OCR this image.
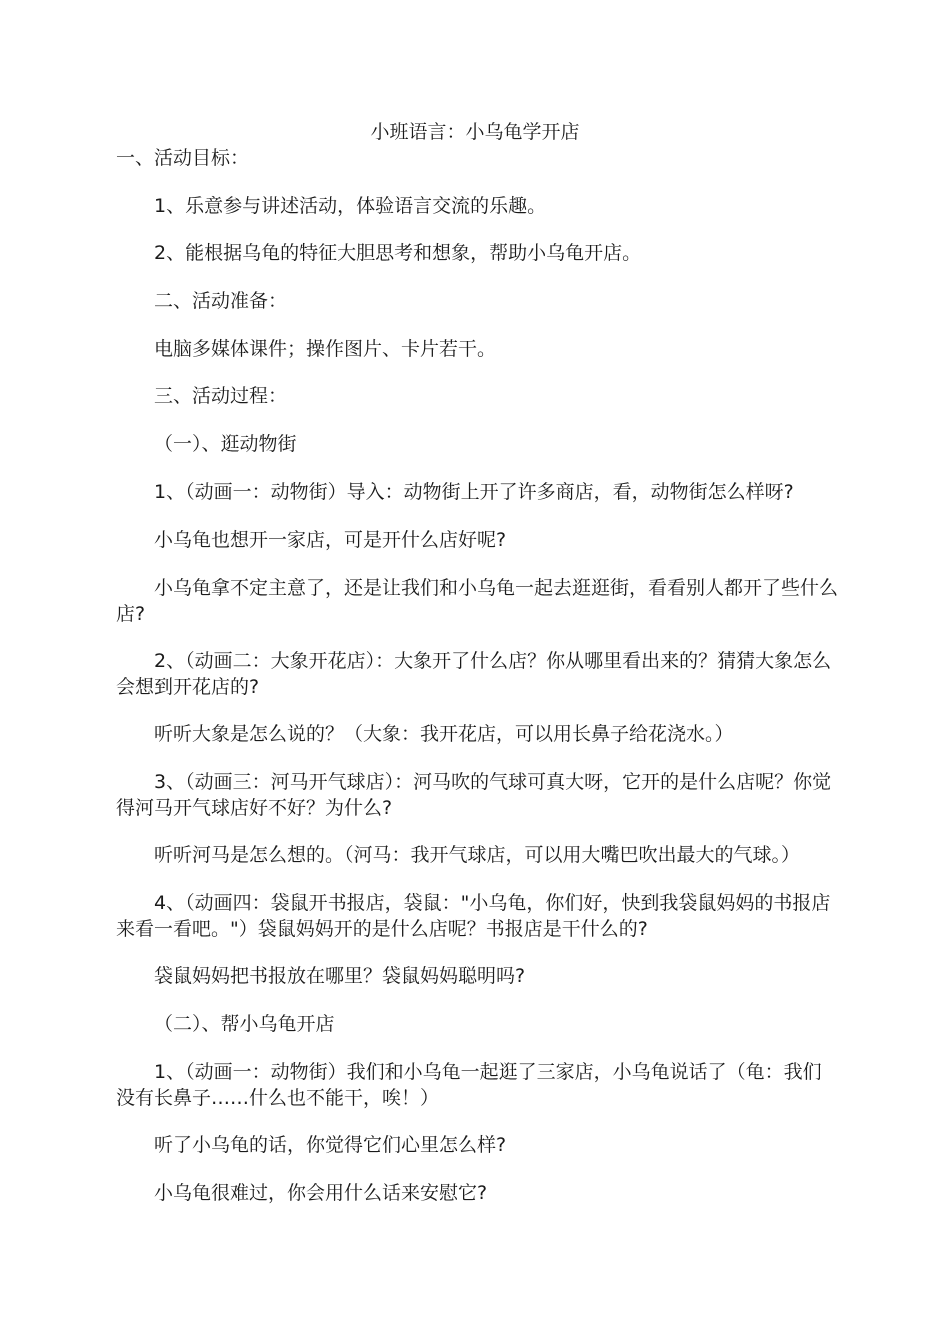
小班语言：小乌龟学开店
一、活动目标：
1、乐意参与讲述活动，体验语言交流的乐趣。
2、能根据乌龟的特征大胆思考和想象，帮助小乌龟开店。
二、活动准备：
电脑多媒体课件；操作图片、卡片若干。
三、活动过程：
（一）、逛动物街
1、（动画一：动物街）导入：动物街上开了许多商店，看，动物街怎么样呀?
小乌龟也想开一家店，可是开什么店好呢?
小乌龟拿不定主意了，还是让我们和小乌龟一起去逛逛街，看看别人都开了些什么店?
2、（动画二：大象开花店）：大象开了什么店？你从哪里看出来的？猜猜大象怎么会想到开花店的?
听听大象是怎么说的？（大象：我开花店，可以用长鼻子给花浇水。）
3、（动画三：河马开气球店）：河马吹的气球可真大呀，它开的是什么店呢？你觉得河马开气球店好不好？为什么?
听听河马是怎么想的。（河马：我开气球店，可以用大嘴巴吹出最大的气球。）
4、（动画四：袋鼠开书报店，袋鼠："小乌龟，你们好，快到我袋鼠妈妈的书报店来看一看吧。"）袋鼠妈妈开的是什么店呢？书报店是干什么的?
袋鼠妈妈把书报放在哪里？袋鼠妈妈聪明吗?
（二）、帮小乌龟开店
1、（动画一：动物街）我们和小乌龟一起逛了三家店，小乌龟说话了（龟：我们没有长鼻子……什么也不能干，唉！）
听了小乌龟的话，你觉得它们心里怎么样?
小乌龟很难过，你会用什么话来安慰它?
